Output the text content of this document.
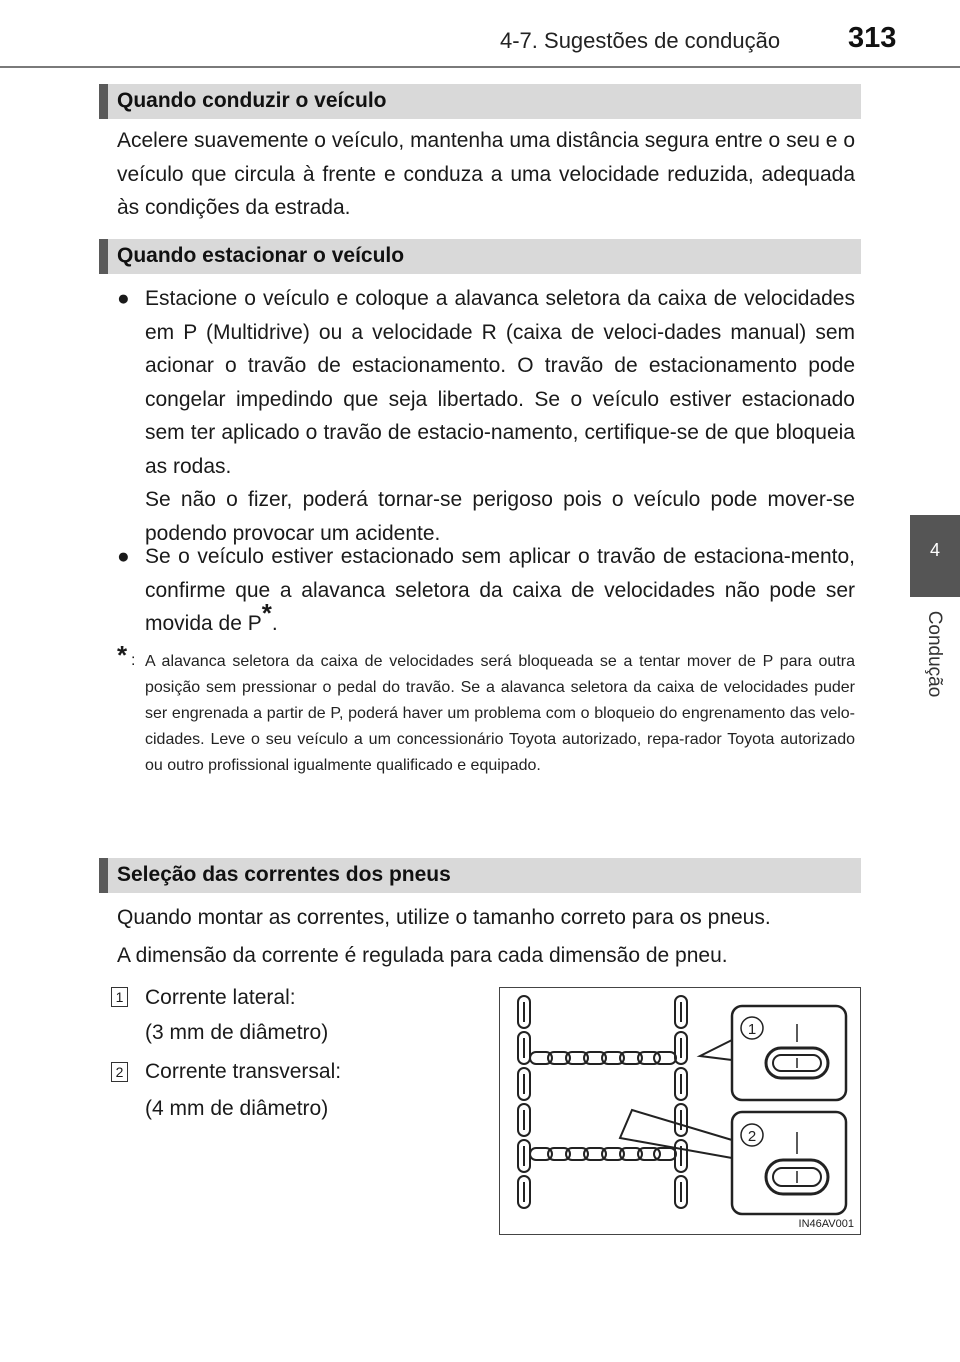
4-7. Sugestões de condução 313
4
Condução
Quando conduzir o veículo

Acelere suavemente o veículo, mantenha uma distância segura entre o seu e o veículo que circula à frente e conduza a uma velocidade reduzida, adequada às condições da estrada.

Quando estacionar o veículo
● Estacione o veículo e coloque a alavanca seletora da caixa de velocidades em P (Multidrive) ou a velocidade R (caixa de veloci-dades manual) sem acionar o travão de estacionamento. O travão de estacionamento pode congelar impedindo que seja libertado. Se o veículo estiver estacionado sem ter aplicado o travão de estacio-namento, certifique-se de que bloqueia as rodas.

Se não o fizer, poderá tornar-se perigoso pois o veículo pode mover-se podendo provocar um acidente.

● Se o veículo estiver estacionado sem aplicar o travão de estaciona-mento, confirme que a alavanca seletora da caixa de velocidades não pode ser movida de P*.

* : A alavanca seletora da caixa de velocidades será bloqueada se a tentar mover de P para outra posição sem pressionar o pedal do travão. Se a alavanca seletora da caixa de velocidades puder ser engrenada a partir de P, poderá haver um problema com o bloqueio do engrenamento das velo-cidades. Leve o seu veículo a um concessionário Toyota autorizado, repa-rador Toyota autorizado ou outro profissional igualmente qualificado e equipado.

Seleção das correntes dos pneus

Quando montar as correntes, utilize o tamanho correto para os pneus.

A dimensão da corrente é regulada para cada dimensão de pneu.

1 Corrente lateral:
(3 mm de diâmetro)
2 Corrente transversal:
(4 mm de diâmetro)
1
2
IN46AV001
